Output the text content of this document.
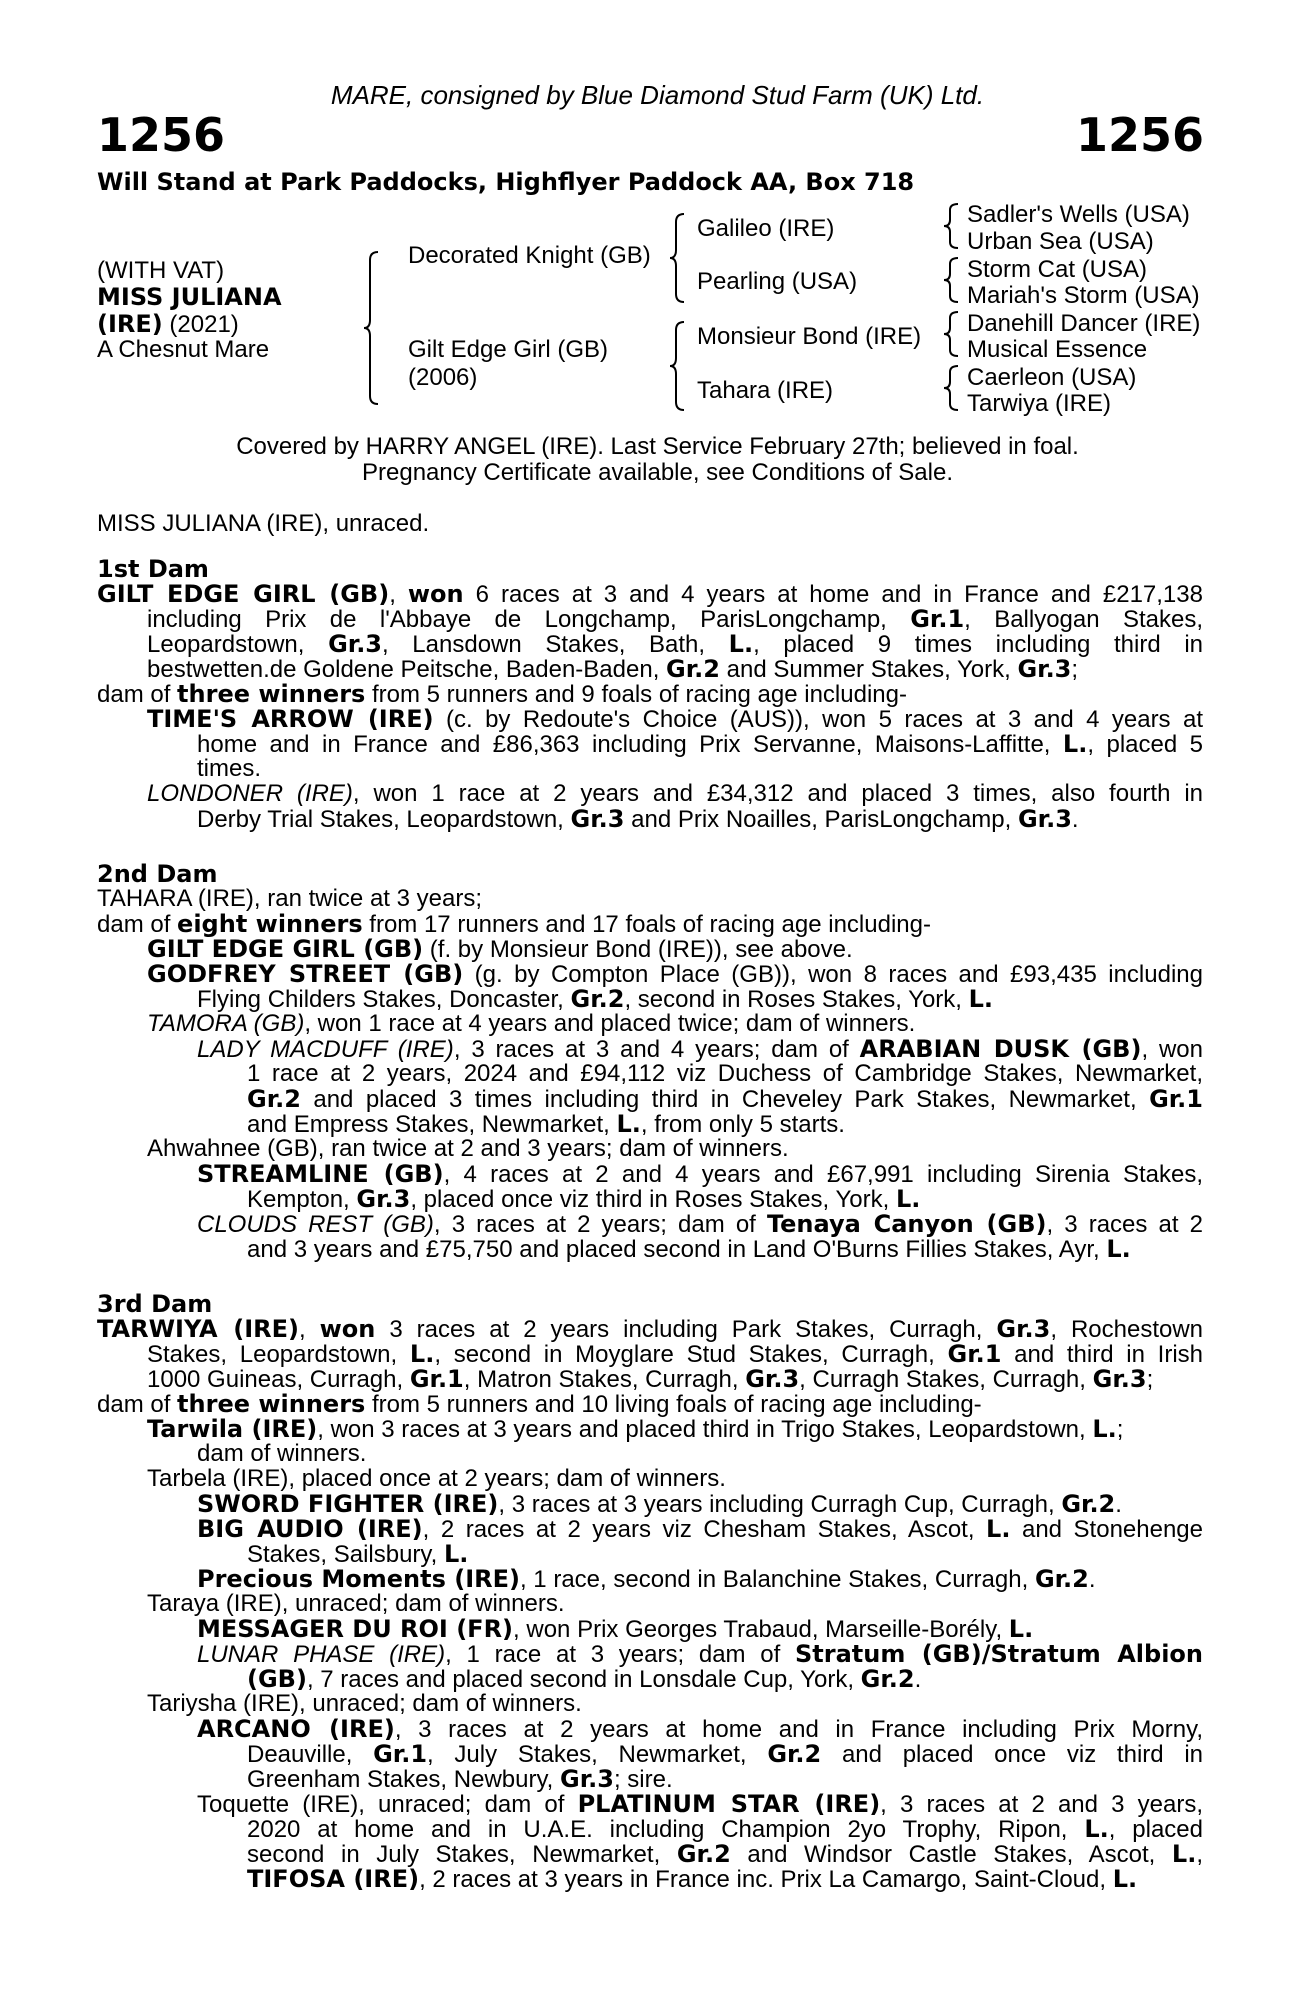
MARE, consigned by Blue Diamond Stud Farm (UK) Ltd.
1256	1256
Will Stand at Park Paddocks, Highflyer Paddock AA, Box 718
(WITH VAT)
MISS JULIANA
(IRE) (2021)
A Chesnut Mare
Decorated Knight (GB)
Gilt Edge Girl (GB)
(2006)
Galileo (IRE)
Pearling (USA)
Monsieur Bond (IRE)
Tahara (IRE)
Sadler's Wells (USA)
Urban Sea (USA)
Storm Cat (USA)
Mariah's Storm (USA)
Danehill Dancer (IRE)
Musical Essence
Caerleon (USA)
Tarwiya (IRE)
Covered by HARRY ANGEL (IRE). Last Service February 27th; believed in foal.
Pregnancy Certificate available, see Conditions of Sale.
MISS JULIANA (IRE), unraced.
1st Dam
GILT EDGE GIRL (GB), won 6 races at 3 and 4 years at home and in France and £217,138
including Prix de l'Abbaye de Longchamp, ParisLongchamp, Gr.1, Ballyogan Stakes,
Leopardstown, Gr.3, Lansdown Stakes, Bath, L., placed 9 times including third in
bestwetten.de Goldene Peitsche, Baden-Baden, Gr.2 and Summer Stakes, York, Gr.3;
dam of three winners from 5 runners and 9 foals of racing age including-
TIME'S ARROW (IRE) (c. by Redoute's Choice (AUS)), won 5 races at 3 and 4 years at
home and in France and £86,363 including Prix Servanne, Maisons-Laffitte, L., placed 5
times.
LONDONER (IRE), won 1 race at 2 years and £34,312 and placed 3 times, also fourth in
Derby Trial Stakes, Leopardstown, Gr.3 and Prix Noailles, ParisLongchamp, Gr.3.
2nd Dam
TAHARA (IRE), ran twice at 3 years;
dam of eight winners from 17 runners and 17 foals of racing age including-
GILT EDGE GIRL (GB) (f. by Monsieur Bond (IRE)), see above.
GODFREY STREET (GB) (g. by Compton Place (GB)), won 8 races and £93,435 including
Flying Childers Stakes, Doncaster, Gr.2, second in Roses Stakes, York, L.
TAMORA (GB), won 1 race at 4 years and placed twice; dam of winners.
LADY MACDUFF (IRE), 3 races at 3 and 4 years; dam of ARABIAN DUSK (GB), won
1 race at 2 years, 2024 and £94,112 viz Duchess of Cambridge Stakes, Newmarket,
Gr.2 and placed 3 times including third in Cheveley Park Stakes, Newmarket, Gr.1
and Empress Stakes, Newmarket, L., from only 5 starts.
Ahwahnee (GB), ran twice at 2 and 3 years; dam of winners.
STREAMLINE (GB), 4 races at 2 and 4 years and £67,991 including Sirenia Stakes,
Kempton, Gr.3, placed once viz third in Roses Stakes, York, L.
CLOUDS REST (GB), 3 races at 2 years; dam of Tenaya Canyon (GB), 3 races at 2
and 3 years and £75,750 and placed second in Land O'Burns Fillies Stakes, Ayr, L.
3rd Dam
TARWIYA (IRE), won 3 races at 2 years including Park Stakes, Curragh, Gr.3, Rochestown
Stakes, Leopardstown, L., second in Moyglare Stud Stakes, Curragh, Gr.1 and third in Irish
1000 Guineas, Curragh, Gr.1, Matron Stakes, Curragh, Gr.3, Curragh Stakes, Curragh, Gr.3;
dam of three winners from 5 runners and 10 living foals of racing age including-
Tarwila (IRE), won 3 races at 3 years and placed third in Trigo Stakes, Leopardstown, L.;
dam of winners.
Tarbela (IRE), placed once at 2 years; dam of winners.
SWORD FIGHTER (IRE), 3 races at 3 years including Curragh Cup, Curragh, Gr.2.
BIG AUDIO (IRE), 2 races at 2 years viz Chesham Stakes, Ascot, L. and Stonehenge
Stakes, Sailsbury, L.
Precious Moments (IRE), 1 race, second in Balanchine Stakes, Curragh, Gr.2.
Taraya (IRE), unraced; dam of winners.
MESSAGER DU ROI (FR), won Prix Georges Trabaud, Marseille-Borély, L.
LUNAR PHASE (IRE), 1 race at 3 years; dam of Stratum (GB)/Stratum Albion
(GB), 7 races and placed second in Lonsdale Cup, York, Gr.2.
Tariysha (IRE), unraced; dam of winners.
ARCANO (IRE), 3 races at 2 years at home and in France including Prix Morny,
Deauville, Gr.1, July Stakes, Newmarket, Gr.2 and placed once viz third in
Greenham Stakes, Newbury, Gr.3; sire.
Toquette (IRE), unraced; dam of PLATINUM STAR (IRE), 3 races at 2 and 3 years,
2020 at home and in U.A.E. including Champion 2yo Trophy, Ripon, L., placed
second in July Stakes, Newmarket, Gr.2 and Windsor Castle Stakes, Ascot, L.,
TIFOSA (IRE), 2 races at 3 years in France inc. Prix La Camargo, Saint-Cloud, L.
